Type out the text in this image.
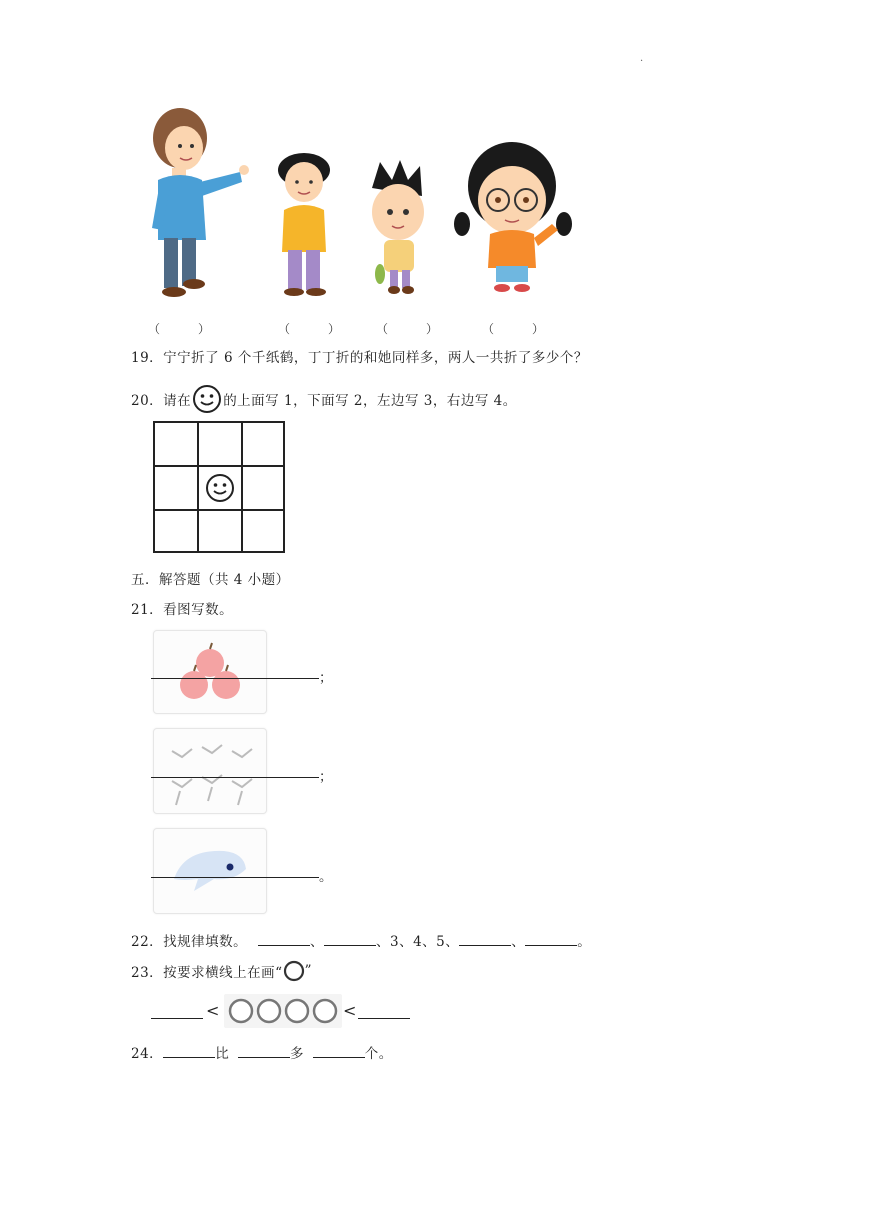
·
（　　　）	（　　　）	（　　　）	（　　　）
19．宁宁折了 6 个千纸鹤，丁丁折的和她同样多，两人一共折了多少个？
20．请在 的上面写 1，下面写 2，左边写 3，右边写 4。
五．解答题（共 4 小题）
21．看图写数。
；
；
。
22．找规律填数。	、	、3、4、5、	、	。
23．按要求横线上在画“ ”
<	<
24．	比	多	个。
